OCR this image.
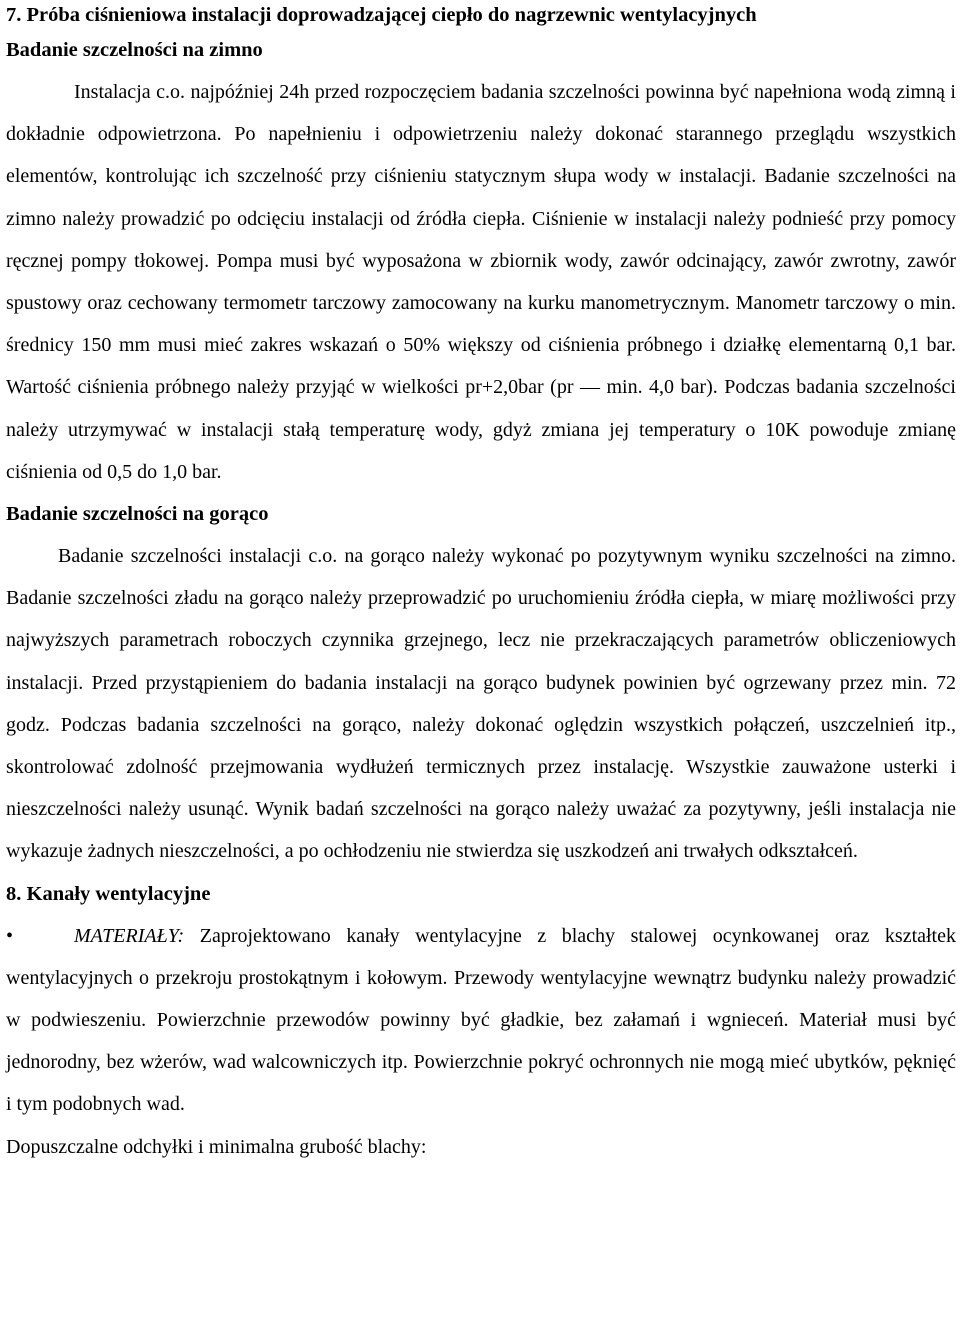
7. Próba ciśnieniowa instalacji doprowadzającej ciepło do nagrzewnic wentylacyjnych
Badanie szczelności na zimno

Instalacja c.o. najpóźniej 24h przed rozpoczęciem badania szczelności powinna być napełniona wodą zimną i dokładnie odpowietrzona. Po napełnieniu i odpowietrzeniu należy dokonać starannego przeglądu wszystkich elementów, kontrolując ich szczelność przy ciśnieniu statycznym słupa wody w instalacji. Badanie szczelności na zimno należy prowadzić po odcięciu instalacji od źródła ciepła. Ciśnienie w instalacji należy podnieść przy pomocy ręcznej pompy tłokowej. Pompa musi być wyposażona w zbiornik wody, zawór odcinający, zawór zwrotny, zawór spustowy oraz cechowany termometr tarczowy zamocowany na kurku manometrycznym. Manometr tarczowy o min. średnicy 150 mm musi mieć zakres wskazań o 50% większy od ciśnienia próbnego i działkę elementarną 0,1 bar. Wartość ciśnienia próbnego należy przyjąć w wielkości pr+2,0bar (pr — min. 4,0 bar). Podczas badania szczelności należy utrzymywać w instalacji stałą temperaturę wody, gdyż zmiana jej temperatury o 10K powoduje zmianę ciśnienia od 0,5 do 1,0 bar.

Badanie szczelności na gorąco

Badanie szczelności instalacji c.o. na gorąco należy wykonać po pozytywnym wyniku szczelności na zimno. Badanie szczelności zładu na gorąco należy przeprowadzić po uruchomieniu źródła ciepła, w miarę możliwości przy najwyższych parametrach roboczych czynnika grzejnego, lecz nie przekraczających parametrów obliczeniowych instalacji. Przed przystąpieniem do badania instalacji na gorąco budynek powinien być ogrzewany przez min. 72 godz. Podczas badania szczelności na gorąco, należy dokonać oględzin wszystkich połączeń, uszczelnień itp., skontrolować zdolność przejmowania wydłużeń termicznych przez instalację. Wszystkie zauważone usterki i nieszczelności należy usunąć. Wynik badań szczelności na gorąco należy uważać za pozytywny, jeśli instalacja nie wykazuje żadnych nieszczelności, a po ochłodzeniu nie stwierdza się uszkodzeń ani trwałych odkształceń.

8. Kanały wentylacyjne

•	MATERIAŁY: Zaprojektowano kanały wentylacyjne z blachy stalowej ocynkowanej oraz kształtek wentylacyjnych o przekroju prostokątnym i kołowym. Przewody wentylacyjne wewnątrz budynku należy prowadzić w podwieszeniu. Powierzchnie przewodów powinny być gładkie, bez załamań i wgnieceń. Materiał musi być jednorodny, bez wżerów, wad walcowniczych itp. Powierzchnie pokryć ochronnych nie mogą mieć ubytków, pęknięć i tym podobnych wad.

Dopuszczalne odchyłki i minimalna grubość blachy:
